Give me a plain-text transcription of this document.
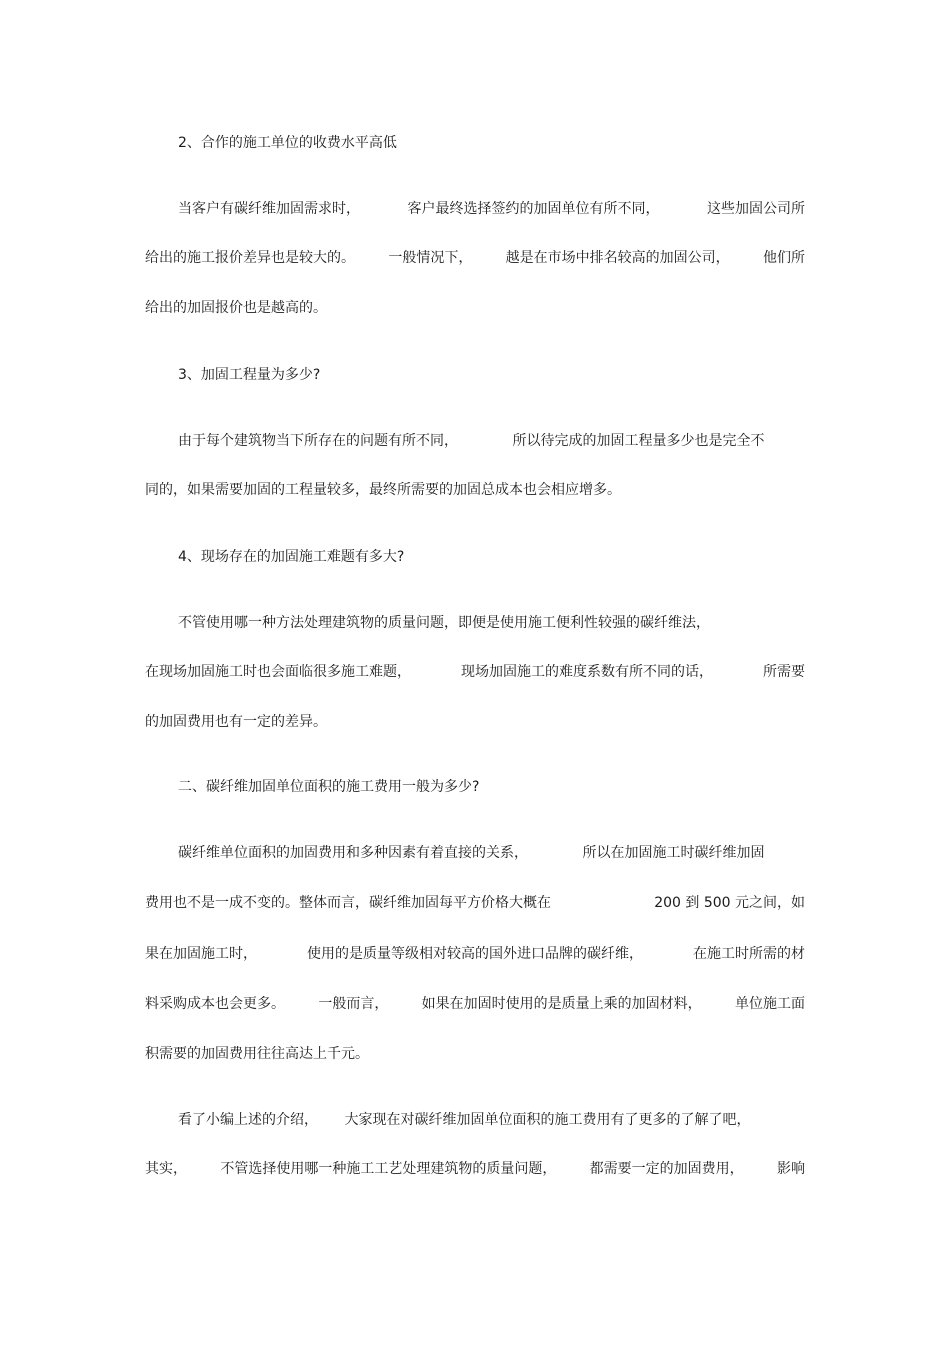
2、合作的施工单位的收费水平高低
当客户有碳纤维加固需求时，	客户最终选择签约的加固单位有所不同，	这些加固公司所
给出的施工报价差异也是较大的。 一般情况下， 越是在市场中排名较高的加固公司， 他们所
给出的加固报价也是越高的。
3、加固工程量为多少?
由于每个建筑物当下所存在的问题有所不同，	所以待完成的加固工程量多少也是完全不
同的，如果需要加固的工程量较多，最终所需要的加固总成本也会相应增多。
4、现场存在的加固施工难题有多大?
不管使用哪一种方法处理建筑物的质量问题，即便是使用施工便利性较强的碳纤维法，
在现场加固施工时也会面临很多施工难题，	现场加固施工的难度系数有所不同的话，	所需要
的加固费用也有一定的差异。
二、碳纤维加固单位面积的施工费用一般为多少?
碳纤维单位面积的加固费用和多种因素有着直接的关系，	所以在加固施工时碳纤维加固
费用也不是一成不变的。整体而言，碳纤维加固每平方价格大概在	200 到 500 元之间，如
果在加固施工时，	使用的是质量等级相对较高的国外进口品牌的碳纤维，	在施工时所需的材
料采购成本也会更多。 一般而言， 如果在加固时使用的是质量上乘的加固材料， 单位施工面
积需要的加固费用往往高达上千元。
看了小编上述的介绍， 大家现在对碳纤维加固单位面积的施工费用有了更多的了解了吧，
其实， 不管选择使用哪一种施工工艺处理建筑物的质量问题， 都需要一定的加固费用， 影响
